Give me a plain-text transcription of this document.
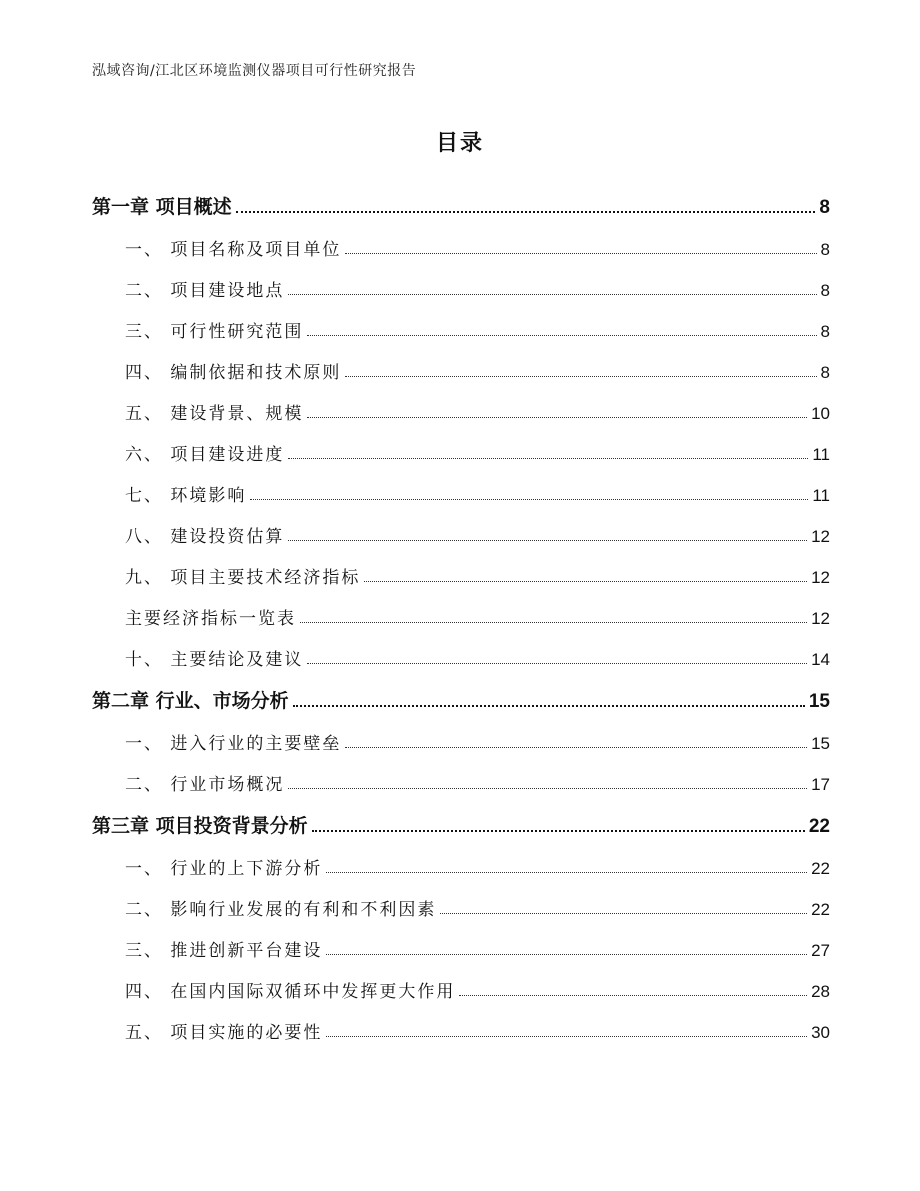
泓域咨询/江北区环境监测仪器项目可行性研究报告
目录
第一章 项目概述	8
一、 项目名称及项目单位	8
二、 项目建设地点	8
三、 可行性研究范围	8
四、 编制依据和技术原则	8
五、 建设背景、规模	10
六、 项目建设进度	11
七、 环境影响	11
八、 建设投资估算	12
九、 项目主要技术经济指标	12
主要经济指标一览表	12
十、 主要结论及建议	14
第二章 行业、市场分析	15
一、 进入行业的主要壁垒	15
二、 行业市场概况	17
第三章 项目投资背景分析	22
一、 行业的上下游分析	22
二、 影响行业发展的有利和不利因素	22
三、 推进创新平台建设	27
四、 在国内国际双循环中发挥更大作用	28
五、 项目实施的必要性	30
